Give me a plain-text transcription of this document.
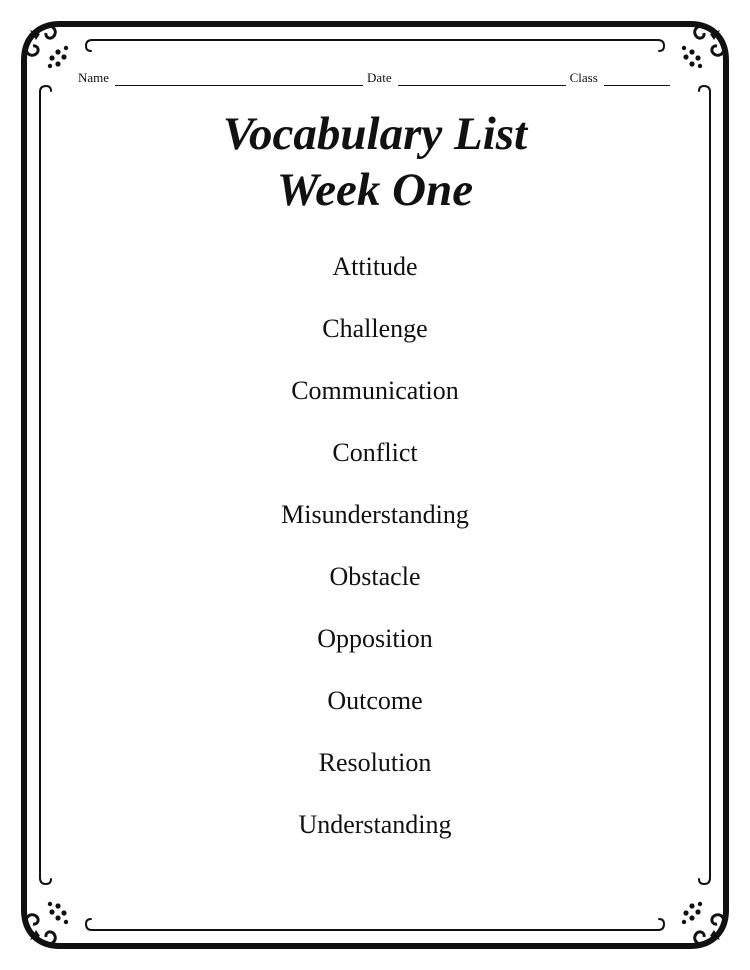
Name	Date	Class
Vocabulary List
Week One
Attitude
Challenge
Communication
Conflict
Misunderstanding
Obstacle
Opposition
Outcome
Resolution
Understanding
